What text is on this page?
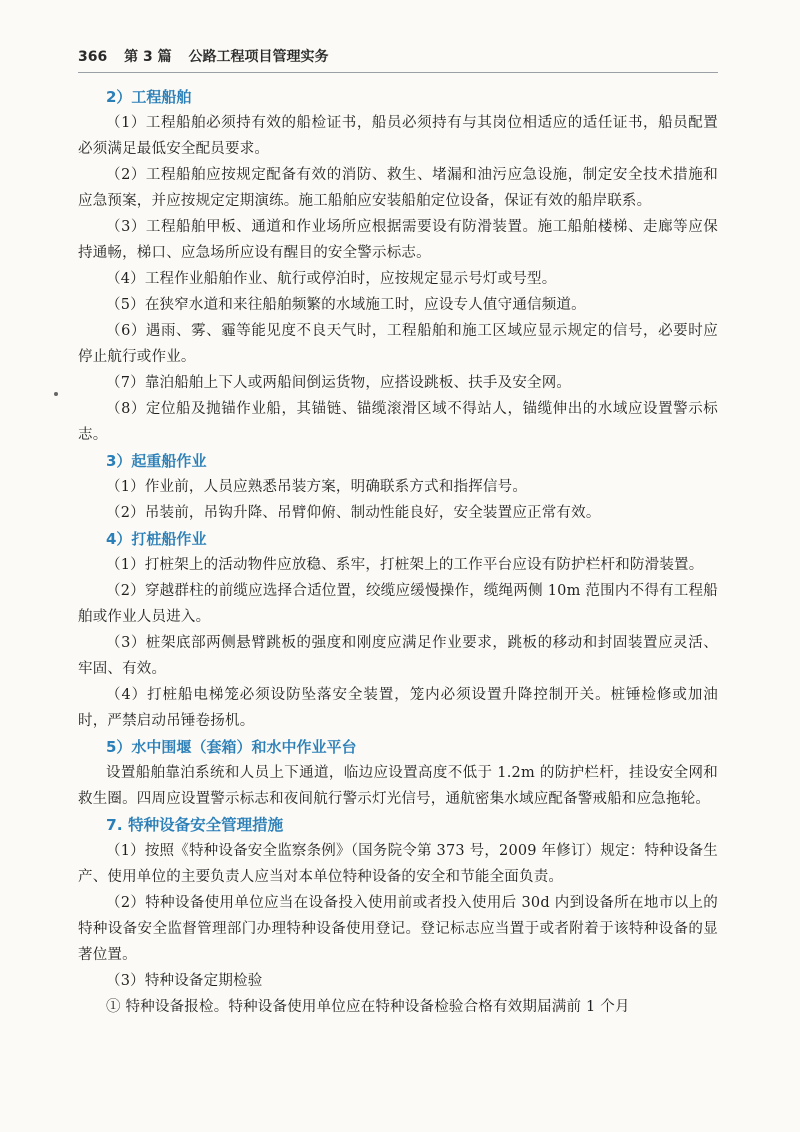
366 第 3 篇 公路工程项目管理实务
2）工程船舶

（1）工程船舶必须持有效的船检证书，船员必须持有与其岗位相适应的适任证书，船员配置必须满足最低安全配员要求。

（2）工程船舶应按规定配备有效的消防、救生、堵漏和油污应急设施，制定安全技术措施和应急预案，并应按规定定期演练。施工船舶应安装船舶定位设备，保证有效的船岸联系。

（3）工程船舶甲板、通道和作业场所应根据需要设有防滑装置。施工船舶楼梯、走廊等应保持通畅，梯口、应急场所应设有醒目的安全警示标志。

（4）工程作业船舶作业、航行或停泊时，应按规定显示号灯或号型。

（5）在狭窄水道和来往船舶频繁的水域施工时，应设专人值守通信频道。

（6）遇雨、雾、霾等能见度不良天气时，工程船舶和施工区域应显示规定的信号，必要时应停止航行或作业。

（7）靠泊船舶上下人或两船间倒运货物，应搭设跳板、扶手及安全网。

（8）定位船及抛锚作业船，其锚链、锚缆滚滑区域不得站人，锚缆伸出的水域应设置警示标志。

3）起重船作业

（1）作业前，人员应熟悉吊装方案，明确联系方式和指挥信号。

（2）吊装前，吊钩升降、吊臂仰俯、制动性能良好，安全装置应正常有效。

4）打桩船作业

（1）打桩架上的活动物件应放稳、系牢，打桩架上的工作平台应设有防护栏杆和防滑装置。

（2）穿越群柱的前缆应选择合适位置，绞缆应缓慢操作，缆绳两侧 10m 范围内不得有工程船舶或作业人员进入。

（3）桩架底部两侧悬臂跳板的强度和刚度应满足作业要求，跳板的移动和封固装置应灵活、牢固、有效。

（4）打桩船电梯笼必须设防坠落安全装置，笼内必须设置升降控制开关。桩锤检修或加油时，严禁启动吊锤卷扬机。

5）水中围堰（套箱）和水中作业平台

设置船舶靠泊系统和人员上下通道，临边应设置高度不低于 1.2m 的防护栏杆，挂设安全网和救生圈。四周应设置警示标志和夜间航行警示灯光信号，通航密集水域应配备警戒船和应急拖轮。

7. 特种设备安全管理措施

（1）按照《特种设备安全监察条例》（国务院令第 373 号，2009 年修订）规定：特种设备生产、使用单位的主要负责人应当对本单位特种设备的安全和节能全面负责。

（2）特种设备使用单位应当在设备投入使用前或者投入使用后 30d 内到设备所在地市以上的特种设备安全监督管理部门办理特种设备使用登记。登记标志应当置于或者附着于该特种设备的显著位置。

（3）特种设备定期检验

① 特种设备报检。特种设备使用单位应在特种设备检验合格有效期届满前 1 个月
